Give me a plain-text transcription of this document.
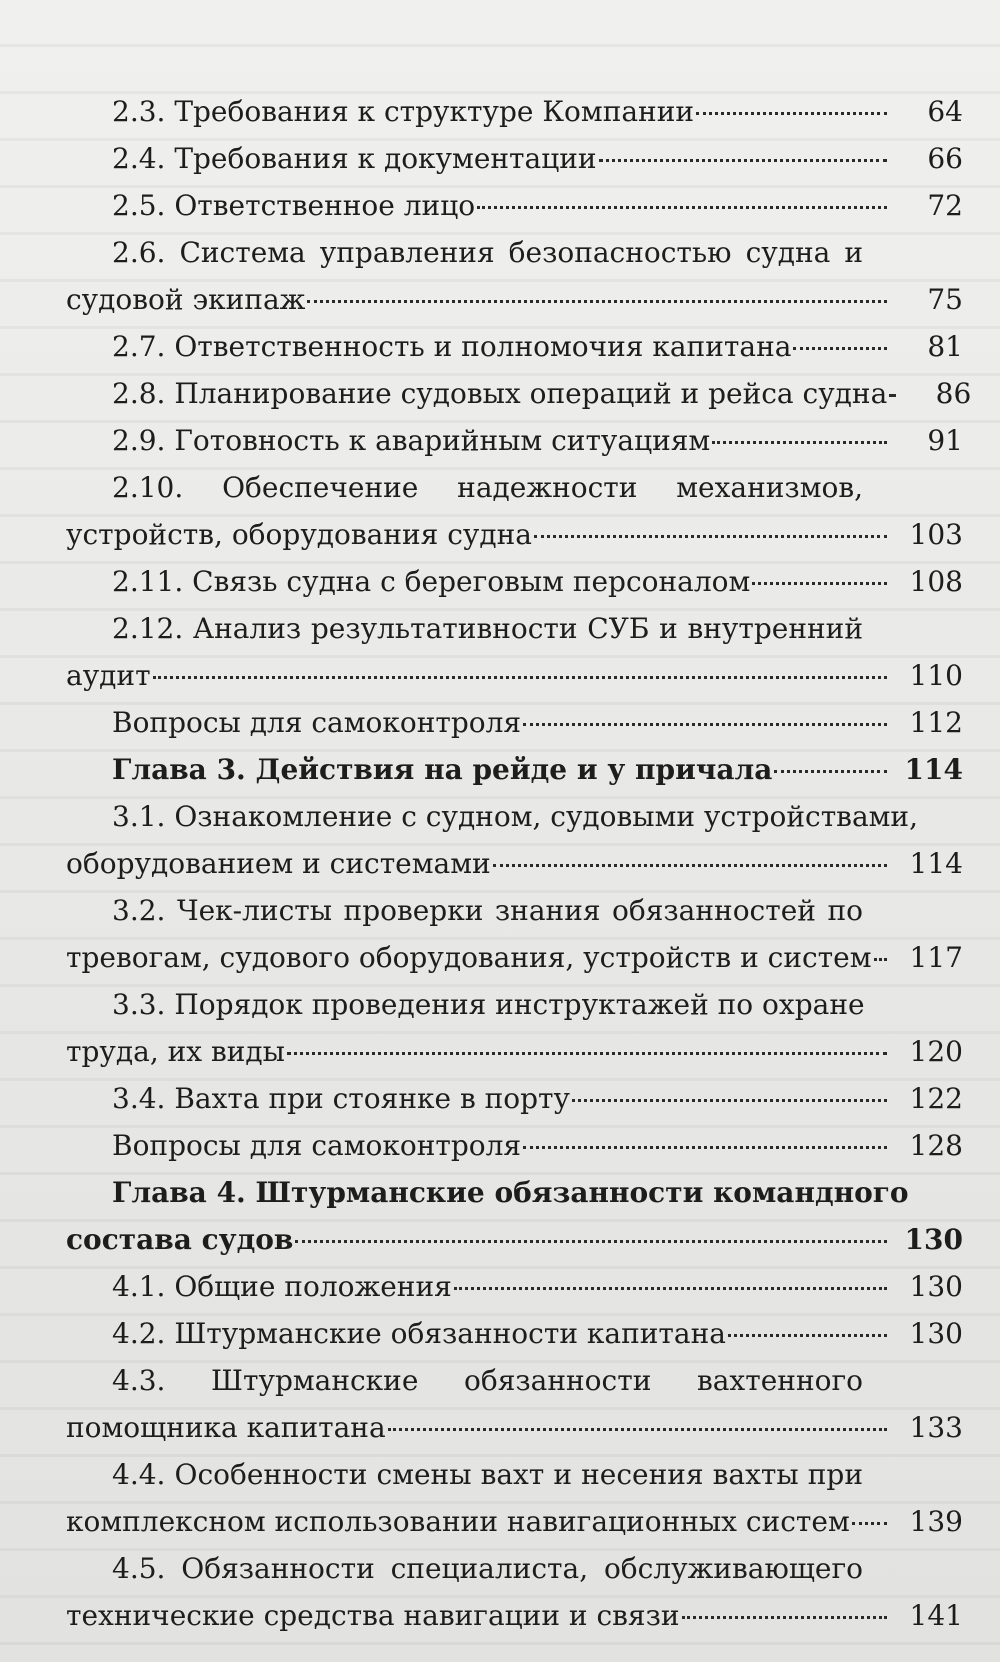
2.3. Требования к структуре Компании	64
2.4. Требования к документации	66
2.5. Ответственное лицо	72
2.6. Система управления безопасностью судна и
судовой экипаж	75
2.7. Ответственность и полномочия капитана	81
2.8. Планирование судовых операций и рейса судна	86
2.9. Готовность к аварийным ситуациям	91
2.10. Обеспечение надежности механизмов,
устройств, оборудования судна	103
2.11. Связь судна с береговым персоналом	108
2.12. Анализ результативности СУБ и внутренний
аудит	110
Вопросы для самоконтроля	112
Глава 3. Действия на рейде и у причала	114
3.1. Ознакомление с судном, судовыми устройствами,
оборудованием и системами	114
3.2. Чек-листы проверки знания обязанностей по
тревогам, судового оборудования, устройств и систем	117
3.3. Порядок проведения инструктажей по охране
труда, их виды	120
3.4. Вахта при стоянке в порту	122
Вопросы для самоконтроля	128
Глава 4. Штурманские обязанности командного
состава судов	130
4.1. Общие положения	130
4.2. Штурманские обязанности капитана	130
4.3. Штурманские обязанности вахтенного
помощника капитана	133
4.4. Особенности смены вахт и несения вахты при
комплексном использовании навигационных систем	139
4.5. Обязанности специалиста, обслуживающего
технические средства навигации и связи	141
